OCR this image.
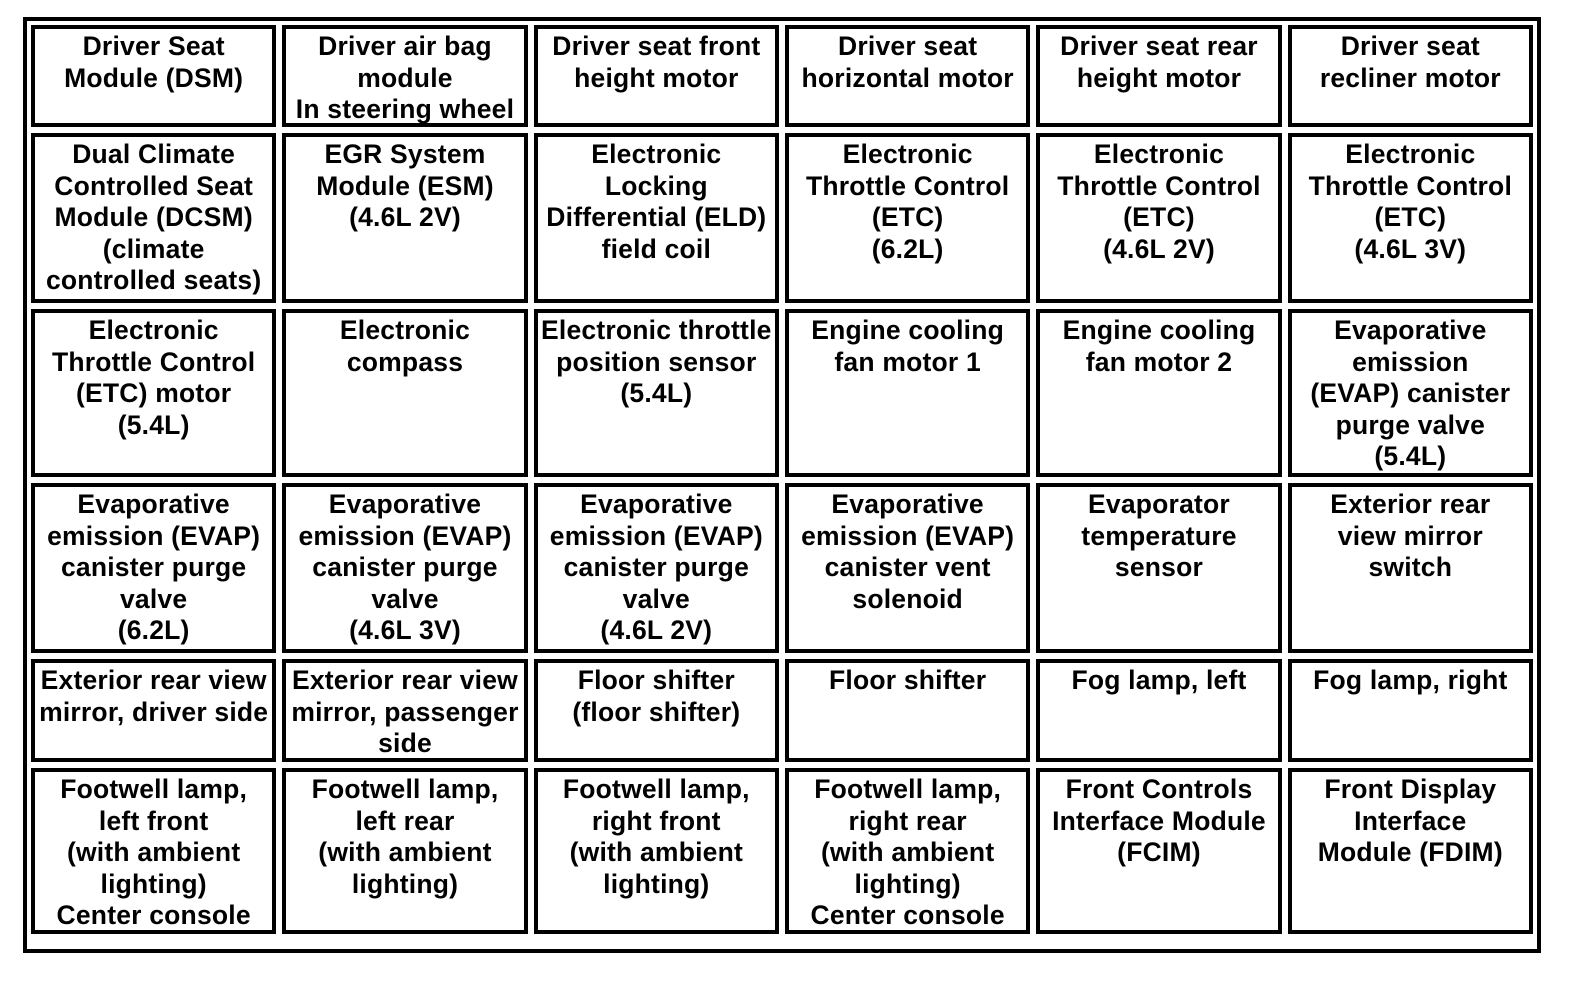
Driver Seat
Module (DSM)
Driver air bag
module
In steering wheel
Driver seat front
height motor
Driver seat
horizontal motor
Driver seat rear
height motor
Driver seat
recliner motor
Dual Climate
Controlled Seat
Module (DCSM)
(climate
controlled seats)
EGR System
Module (ESM)
(4.6L 2V)
Electronic
Locking
Differential (ELD)
field coil
Electronic
Throttle Control
(ETC)
(6.2L)
Electronic
Throttle Control
(ETC)
(4.6L 2V)
Electronic
Throttle Control
(ETC)
(4.6L 3V)
Electronic
Throttle Control
(ETC) motor
(5.4L)
Electronic
compass
Electronic throttle
position sensor
(5.4L)
Engine cooling
fan motor 1
Engine cooling
fan motor 2
Evaporative
emission
(EVAP) canister
purge valve
(5.4L)
Evaporative
emission (EVAP)
canister purge
valve
(6.2L)
Evaporative
emission (EVAP)
canister purge
valve
(4.6L 3V)
Evaporative
emission (EVAP)
canister purge
valve
(4.6L 2V)
Evaporative
emission (EVAP)
canister vent
solenoid
Evaporator
temperature
sensor
Exterior rear
view mirror
switch
Exterior rear view
mirror, driver side
Exterior rear view
mirror, passenger
side
Floor shifter
(floor shifter)
Floor shifter	Fog lamp, left	Fog lamp, right
Footwell lamp,
left front
(with ambient
lighting)
Center console
Footwell lamp,
left rear
(with ambient
lighting)
Footwell lamp,
right front
(with ambient
lighting)
Footwell lamp,
right rear
(with ambient
lighting)
Center console
Front Controls
Interface Module
(FCIM)
Front Display
Interface
Module (FDIM)
